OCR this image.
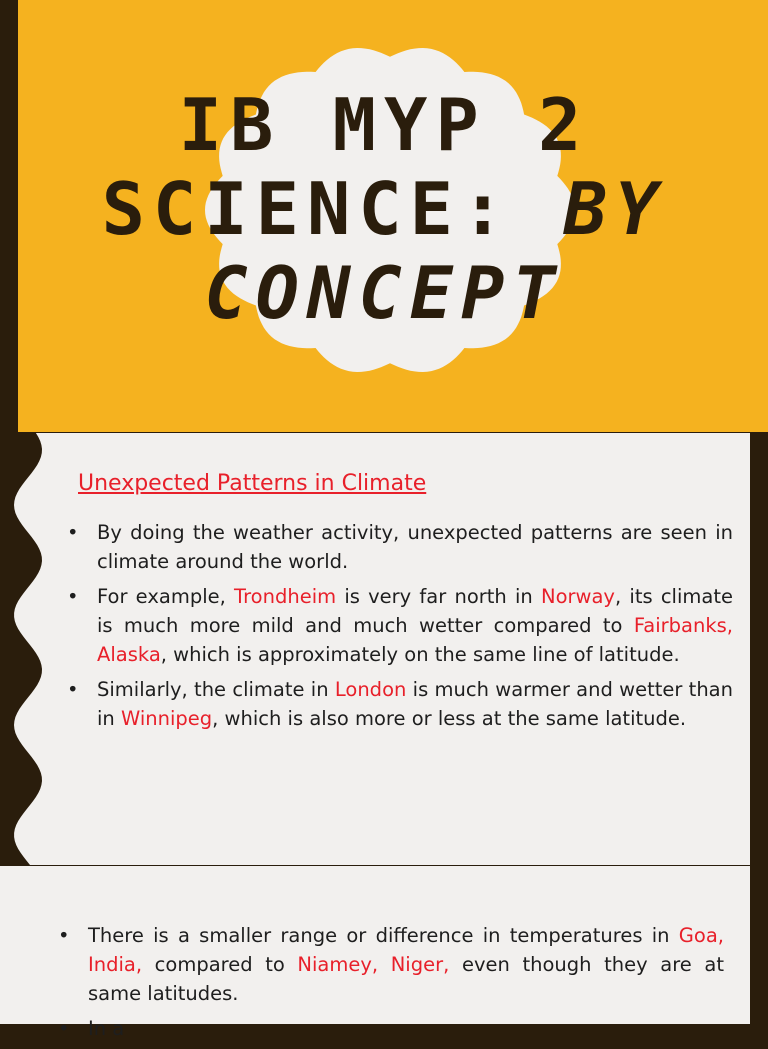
IB MYP 2
SCIENCE: BY
CONCEPT
Unexpected Patterns in Climate
• By doing the weather activity, unexpected patterns are seen in climate around the world.
• For example, Trondheim is very far north in Norway, its climate is much more mild and much wetter compared to Fairbanks, Alaska, which is approximately on the same line of latitude.
• Similarly, the climate in London is much warmer and wetter than in Winnipeg, which is also more or less at the same latitude.
• There is a smaller range or difference in temperatures in Goa, India, compared to Niamey, Niger, even though they are at same latitudes.
• In a
